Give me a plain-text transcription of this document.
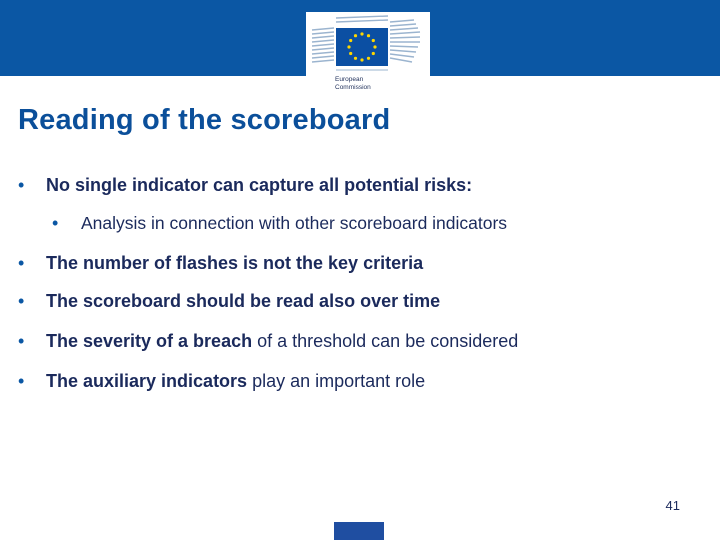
European
Commission
Reading of the scoreboard
• No single indicator can capture all potential risks:
• Analysis in connection with other scoreboard indicators
• The number of flashes is not the key criteria
• The scoreboard should be read also over time
• The severity of a breach of a threshold can be considered
• The auxiliary indicators play an important role
41
